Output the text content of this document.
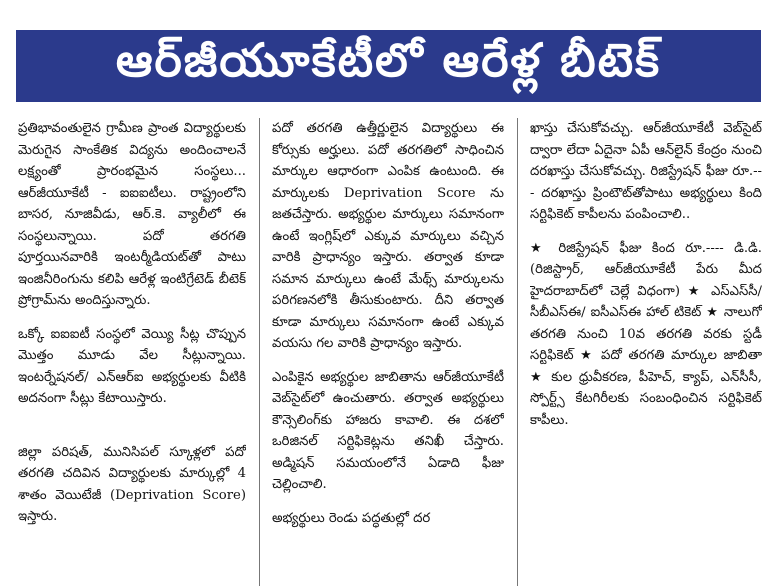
ఆర్‌జీయూకేటీలో ఆరేళ్ల బీటెక్

ప్రతిభావంతులైన గ్రామీణ ప్రాంత విద్యార్థులకు మెరుగైన సాంకేతిక విద్యను అందించాలనే లక్ష్యంతో ప్రారంభమైన సంస్థలు... ఆర్‌జీయూకేటీ - ఐఐఐటీలు. రాష్ట్రంలోని బాసర, నూజివీడు, ఆర్.కె. వ్యాలీలో ఈ సంస్థలున్నాయి. పదో తరగతి పూర్తయినవారికి ఇంటర్మీడియట్‌తో పాటు ఇంజినీరింగును కలిపి ఆరేళ్ల ఇంటిగ్రేటెడ్ బీటెక్ ప్రోగ్రామ్‌ను అందిస్తున్నారు.

ఒక్కో ఐఐఐటీ సంస్థలో వెయ్యి సీట్ల చొప్పున మొత్తం మూడు వేల సీట్లున్నాయి. ఇంటర్నేషనల్/ ఎన్ఆర్ఐ అభ్యర్థులకు వీటికి అదనంగా సీట్లు కేటాయిస్తారు.

జిల్లా పరిషత్, మునిసిపల్ స్కూళ్లలో పదో తరగతి చదివిన విద్యార్థులకు మార్కుల్లో 4 శాతం వెయిటేజీ (Deprivation Score) ఇస్తారు.

పదో తరగతి ఉత్తీర్ణులైన విద్యార్థులు ఈ కోర్సుకు అర్హులు. పదో తరగతిలో సాధించిన మార్కుల ఆధారంగా ఎంపిక ఉంటుంది. ఈ మార్కులకు Deprivation Score ను జతచేస్తారు. అభ్యర్థుల మార్కులు సమానంగా ఉంటే ఇంగ్లిష్‌లో ఎక్కువ మార్కులు వచ్చిన వారికి ప్రాధాన్యం ఇస్తారు. తర్వాత కూడా సమాన మార్కులు ఉంటే మేథ్స్ మార్కులను పరిగణనలోకి తీసుకుంటారు. దీని తర్వాత కూడా మార్కులు సమానంగా ఉంటే ఎక్కువ వయసు గల వారికి ప్రాధాన్యం ఇస్తారు.

ఎంపికైన అభ్యర్థుల జాబితాను ఆర్‌జీయూకేటీ వెబ్‌సైట్‌లో ఉంచుతారు. తర్వాత అభ్యర్థులు కౌన్సెలింగ్‌కు హాజరు కావాలి. ఈ దశలో ఒరిజినల్ సర్టిఫికెట్లను తనిఖీ చేస్తారు. అడ్మిషన్ సమయంలోనే ఏడాది ఫీజు చెల్లించాలి.

అభ్యర్థులు రెండు పద్ధతుల్లో దర

ఖాస్తు చేసుకోవచ్చు. ఆర్‌జీయూకేటీ వెబ్‌సైట్ ద్వారా లేదా ఏదైనా ఏపీ ఆన్‌లైన్ కేంద్రం నుంచి దరఖాస్తు చేసుకోవచ్చు. రిజిస్ట్రేషన్ ఫీజు రూ.--- దరఖాస్తు ప్రింటౌట్‌తోపాటు అభ్యర్థులు కింది సర్టిఫికెట్ కాపీలను పంపించాలి..

★ రిజిస్ట్రేషన్ ఫీజు కింద రూ.---- డి.డి. (రిజిస్ట్రార్, ఆర్‌జీయూకేటీ పేరు మీద హైదరాబాద్‌లో చెల్లే విధంగా) ★ ఎస్ఎస్‌సీ/ సీబీఎస్ఈ/ ఐసీఎస్ఈ హాల్ టికెట్ ★ నాలుగో తరగతి నుంచి 10వ తరగతి వరకు స్టడీ సర్టిఫికెట్ ★ పదో తరగతి మార్కుల జాబితా ★ కుల ధ్రువీకరణ, పీహెచ్, క్యాప్, ఎన్‌సీసీ, స్పోర్ట్స్ కేటగిరీలకు సంబంధించిన సర్టిఫికెట్ కాపీలు.
